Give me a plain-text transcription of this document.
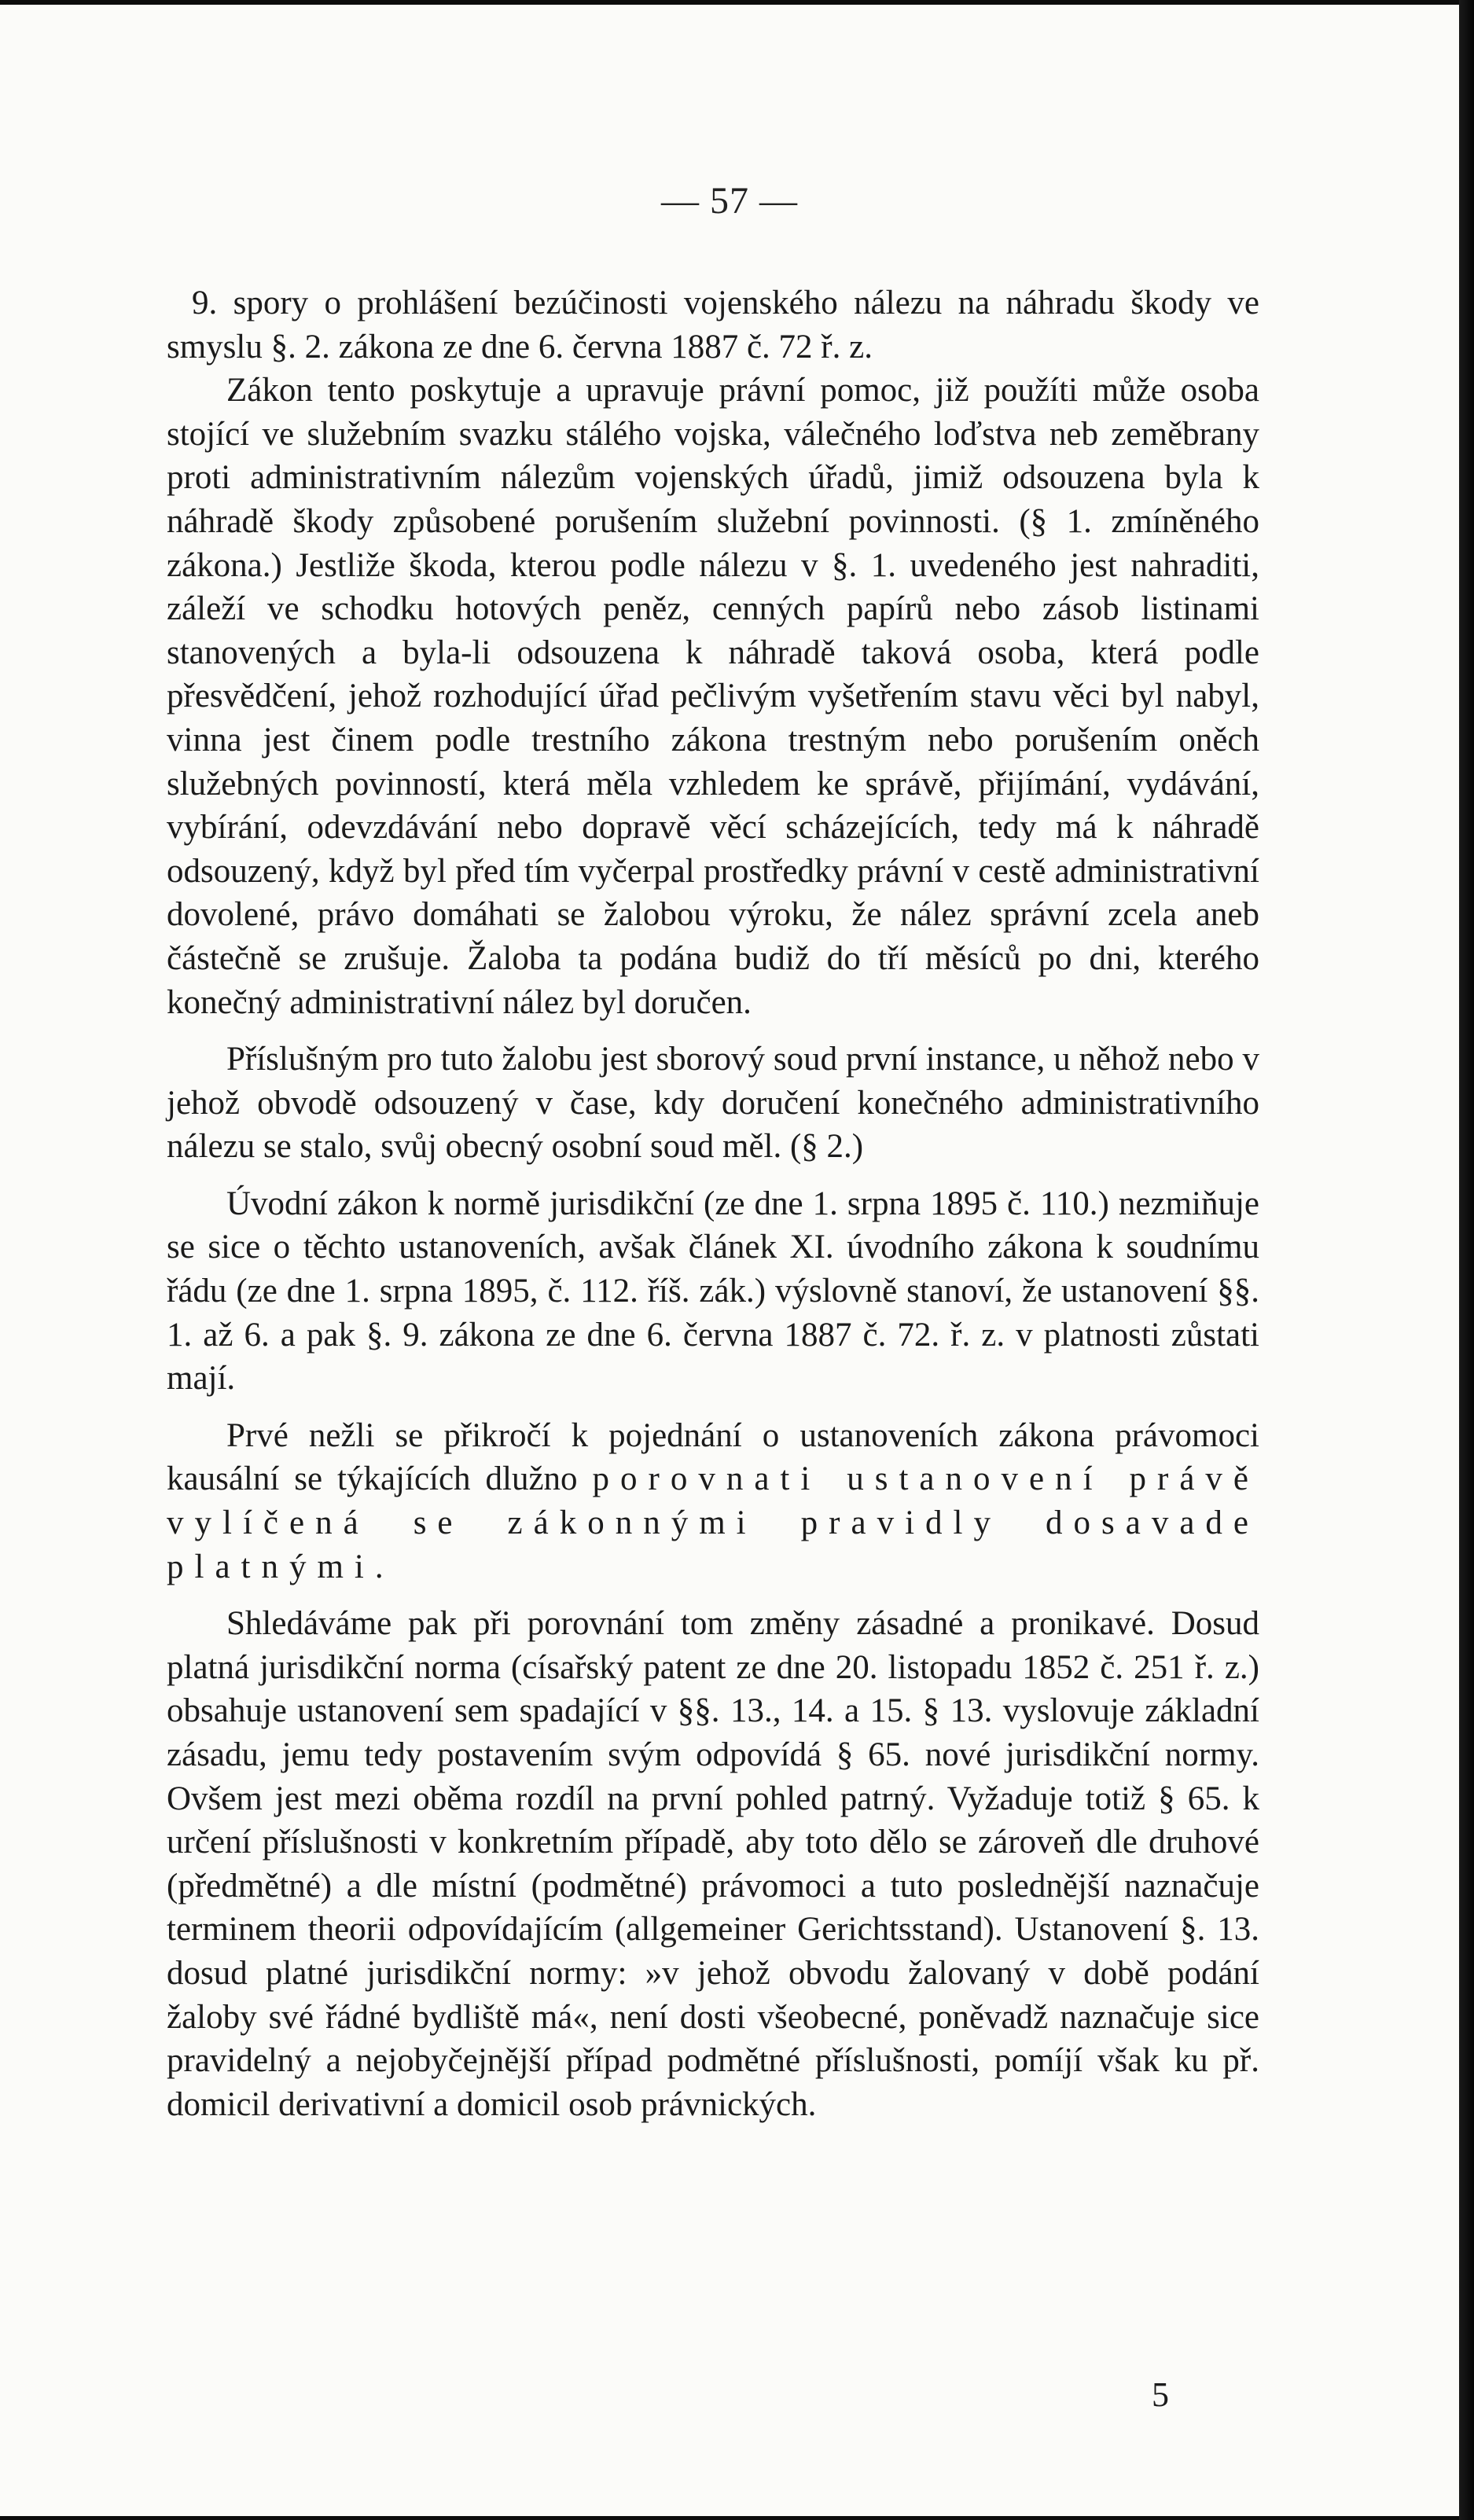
— 57 —

9. spory o prohlášení bezúčinosti vojenského nálezu na náhradu škody ve smyslu §. 2. zákona ze dne 6. června 1887 č. 72 ř. z.

Zákon tento poskytuje a upravuje právní pomoc, již použíti může osoba stojící ve služebním svazku stálého vojska, válečného loďstva neb zeměbrany proti administrativním nálezům vojenských úřadů, jimiž odsouzena byla k náhradě škody způsobené porušením služební povinnosti. (§ 1. zmíněného zákona.) Jestliže škoda, kterou podle nálezu v §. 1. uvedeného jest nahraditi, záleží ve schodku hotových peněz, cenných papírů nebo zásob listinami stanovených a byla-li odsouzena k náhradě taková osoba, která podle přesvědčení, jehož rozhodující úřad pečlivým vyšetřením stavu věci byl nabyl, vinna jest činem podle trestního zákona trestným nebo porušením oněch služebných povinností, která měla vzhledem ke správě, přijímání, vydávání, vybírání, odevzdávání nebo dopravě věcí scházejících, tedy má k náhradě odsouzený, když byl před tím vyčerpal prostředky právní v cestě administrativní dovolené, právo domáhati se žalobou výroku, že nález správní zcela aneb částečně se zrušuje. Žaloba ta podána budiž do tří měsíců po dni, kterého konečný administrativní nález byl doručen.

Příslušným pro tuto žalobu jest sborový soud první instance, u něhož nebo v jehož obvodě odsouzený v čase, kdy doručení konečného administrativního nálezu se stalo, svůj obecný osobní soud měl. (§ 2.)

Úvodní zákon k normě jurisdikční (ze dne 1. srpna 1895 č. 110.) nezmiňuje se sice o těchto ustanoveních, avšak článek XI. úvodního zákona k soudnímu řádu (ze dne 1. srpna 1895, č. 112. říš. zák.) výslovně stanoví, že ustanovení §§. 1. až 6. a pak §. 9. zákona ze dne 6. června 1887 č. 72. ř. z. v platnosti zůstati mají.

Prvé nežli se přikročí k pojednání o ustanoveních zákona právomoci kausální se týkajících dlužno porovnati ustanovení právě vylíčená se zákonnými pravidly dosavade platnými.

Shledáváme pak při porovnání tom změny zásadné a pronikavé. Dosud platná jurisdikční norma (císařský patent ze dne 20. listopadu 1852 č. 251 ř. z.) obsahuje ustanovení sem spadající v §§. 13., 14. a 15. § 13. vyslovuje základní zásadu, jemu tedy postavením svým odpovídá § 65. nové jurisdikční normy. Ovšem jest mezi oběma rozdíl na první pohled patrný. Vyžaduje totiž § 65. k určení příslušnosti v konkretním případě, aby toto dělo se zároveň dle druhové (předmětné) a dle místní (podmětné) právomoci a tuto poslednější naznačuje terminem theorii odpovídajícím (allgemeiner Gerichtsstand). Ustanovení §. 13. dosud platné jurisdikční normy: »v jehož obvodu žalovaný v době podání žaloby své řádné bydliště má«, není dosti všeobecné, poněvadž naznačuje sice pravidelný a nejobyčejnější případ podmětné příslušnosti, pomíjí však ku př. domicil derivativní a domicil osob právnických.

5
